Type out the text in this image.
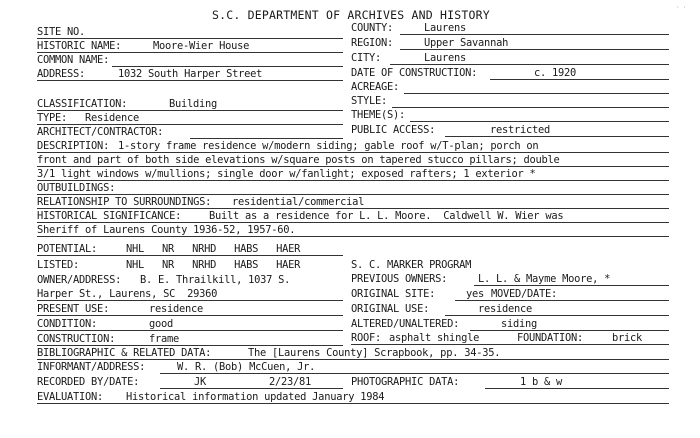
S.C. DEPARTMENT OF ARCHIVES AND HISTORY
SITE NO.
HISTORIC NAME:	Moore-Wier House
COMMON NAME:
ADDRESS:	1032 South Harper Street
CLASSIFICATION:	Building
TYPE: Residence
ARCHITECT/CONTRACTOR:
COUNTY:	Laurens
REGION:	Upper Savannah
CITY:	Laurens
DATE OF CONSTRUCTION:	c. 1920
ACREAGE:
STYLE:
THEME(S):
PUBLIC ACCESS:	restricted
DESCRIPTION: 1-story frame residence w/modern siding; gable roof w/T-plan; porch on
front and part of both side elevations w/square posts on tapered stucco pillars; double
3/1 light windows w/mullions; single door w/fanlight; exposed rafters; 1 exterior *
OUTBUILDINGS:
RELATIONSHIP TO SURROUNDINGS: residential/commercial
HISTORICAL SIGNIFICANCE:	Built as a residence for L. L. Moore.  Caldwell W. Wier was
Sheriff of Laurens County 1936-52, 1957-60.
POTENTIAL:	NHL   NR   NRHD   HABS   HAER
LISTED:	NHL   NR   NRHD   HABS   HAER
OWNER/ADDRESS: B. E. Thrailkill, 1037 S.
Harper St., Laurens, SC  29360
PRESENT USE:	residence
CONDITION:	good
CONSTRUCTION:	frame
S. C. MARKER PROGRAM
PREVIOUS OWNERS:	L. L. & Mayme Moore, *
ORIGINAL SITE:	yes MOVED/DATE:
ORIGINAL USE:	residence
ALTERED/UNALTERED:	siding
ROOF: asphalt shingle	FOUNDATION:	brick
BIBLIOGRAPHIC & RELATED DATA:	The [Laurens County] Scrapbook, pp. 34-35.
INFORMANT/ADDRESS:	W. R. (Bob) McCuen, Jr.
RECORDED BY/DATE:	JK	2/23/81	PHOTOGRAPHIC DATA:	1 b & w
EVALUATION: Historical information updated January 1984
· ·
